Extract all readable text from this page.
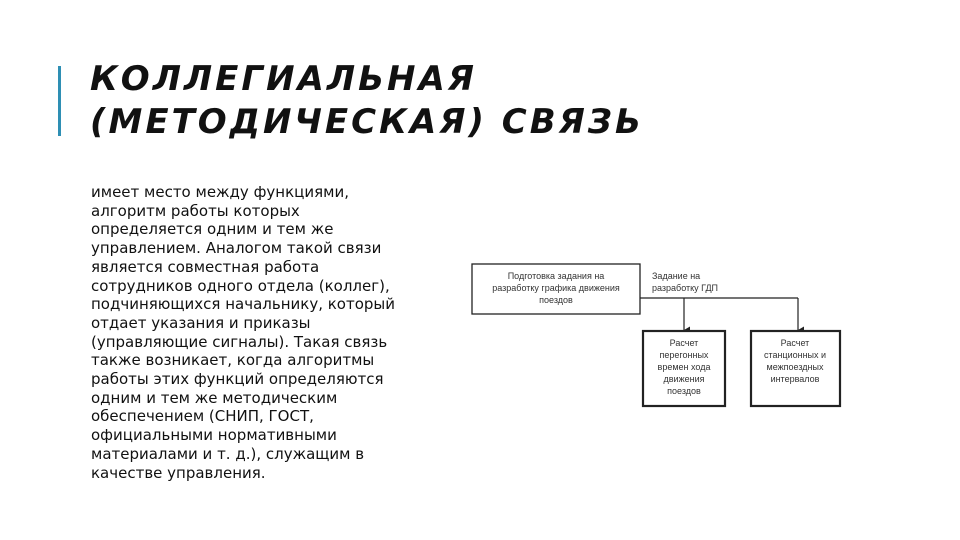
КОЛЛЕГИАЛЬНАЯ
(МЕТОДИЧЕСКАЯ) СВЯЗЬ

имеет место между функциями,
алгоритм работы которых
определяется одним и тем же
управлением. Аналогом такой связи
является совместная работа
сотрудников одного отдела (коллег),
подчиняющихся начальнику, который
отдает указания и приказы
(управляющие сигналы). Такая связь
также возникает, когда алгоритмы
работы этих функций определяются
одним и тем же методическим
обеспечением (СНИП, ГОСТ,
официальными нормативными
материалами и т. д.), служащим в
качестве управления.

Подготовка задания на
разработку графика движения
поездов
Задание на
разработку ГДП
Расчет
перегонных
времен хода
движения
поездов
Расчет
станционных и
межпоездных
интервалов
